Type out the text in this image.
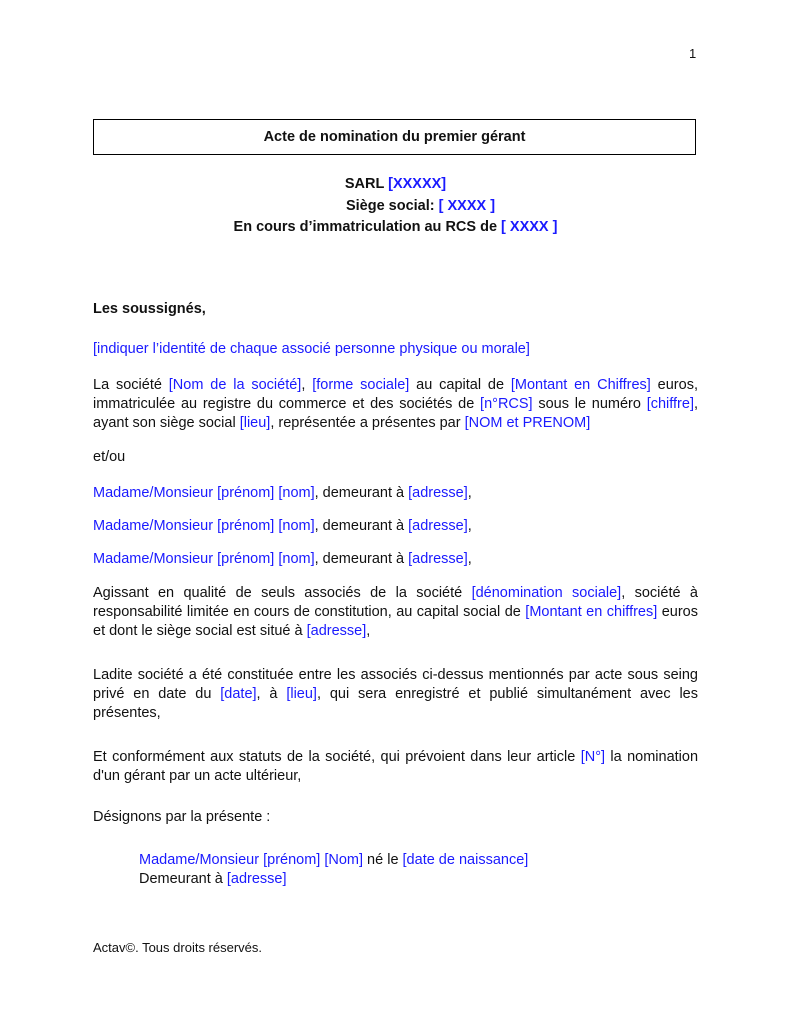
1
Acte de nomination du premier gérant
SARL [XXXXX]
Siège social: [ XXXX ]
En cours d’immatriculation au RCS de [ XXXX ]
Les soussignés,
[indiquer l’identité de chaque associé personne physique ou morale]
La société [Nom de la société], [forme sociale] au capital de [Montant en Chiffres] euros, immatriculée au registre du commerce et des sociétés de [n°RCS] sous le numéro [chiffre], ayant son siège social [lieu], représentée a présentes par [NOM et PRENOM]
et/ou
Madame/Monsieur [prénom] [nom], demeurant à [adresse],
Madame/Monsieur [prénom] [nom], demeurant à [adresse],
Madame/Monsieur [prénom] [nom], demeurant à [adresse],
Agissant en qualité de seuls associés de la société [dénomination sociale], société à responsabilité limitée en cours de constitution, au capital social de [Montant en chiffres] euros et dont le siège social est situé à [adresse],
Ladite société a été constituée entre les associés ci-dessus mentionnés par acte sous seing privé en date du [date], à [lieu], qui sera enregistré et publié simultanément avec les présentes,
Et conformément aux statuts de la société, qui prévoient dans leur article [N°] la nomination d'un gérant par un acte ultérieur,
Désignons par la présente :
Madame/Monsieur [prénom] [Nom] né le [date de naissance]
Demeurant à [adresse]
Actav©. Tous droits réservés.
